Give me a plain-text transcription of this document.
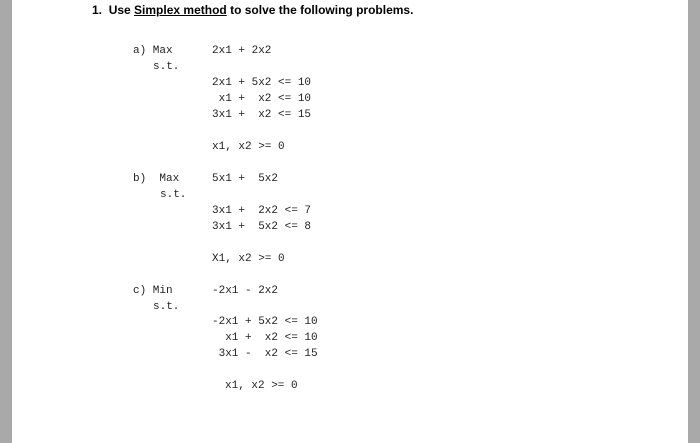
1. Use Simplex method to solve the following problems.
a) Max
s.t.
2x1 + 2x2
2x1 + 5x2 <= 10
x1 +  x2 <= 10
3x1 +  x2 <= 15
x1, x2 >= 0
b)  Max
s.t.
5x1 +  5x2
3x1 +  2x2 <= 7
3x1 +  5x2 <= 8
X1, x2 >= 0
c) Min
s.t.
-2x1 - 2x2
-2x1 + 5x2 <= 10
x1 +  x2 <= 10
3x1 -  x2 <= 15
x1, x2 >= 0
